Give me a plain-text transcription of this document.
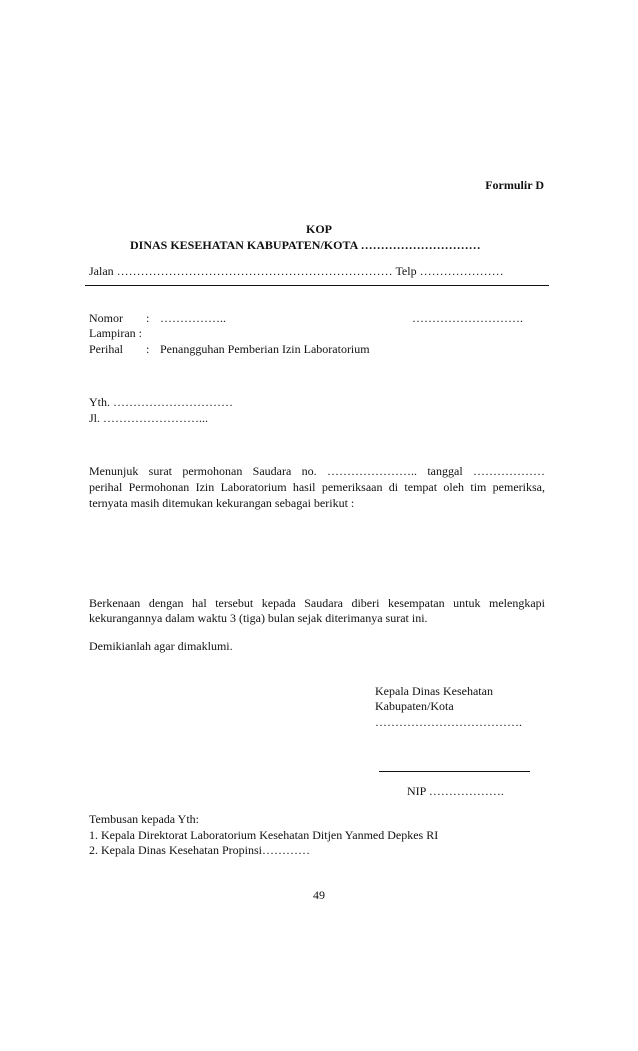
Formulir D
KOP
DINAS KESEHATAN KABUPATEN/KOTA …………………………
Jalan …………………………………………………………… Telp …………………
Nomor : ……………..	……………………….
Lampiran :
Perihal : Penangguhan Pemberian Izin Laboratorium
Yth. …………………………
Jl. ……………………...
Menunjuk surat permohonan Saudara no. ………………….. tanggal ………………
perihal Permohonan Izin Laboratorium hasil pemeriksaan di tempat oleh tim pemeriksa,
ternyata masih ditemukan kekurangan sebagai berikut :
Berkenaan dengan hal tersebut kepada Saudara diberi kesempatan untuk melengkapi
kekurangannya dalam waktu 3 (tiga) bulan sejak diterimanya surat ini.
Demikianlah agar dimaklumi.
Kepala Dinas Kesehatan
Kabupaten/Kota
……………………………….
NIP ……………….
Tembusan kepada Yth:
1. Kepala Direktorat Laboratorium Kesehatan Ditjen Yanmed Depkes RI
2. Kepala Dinas Kesehatan Propinsi…………
49
